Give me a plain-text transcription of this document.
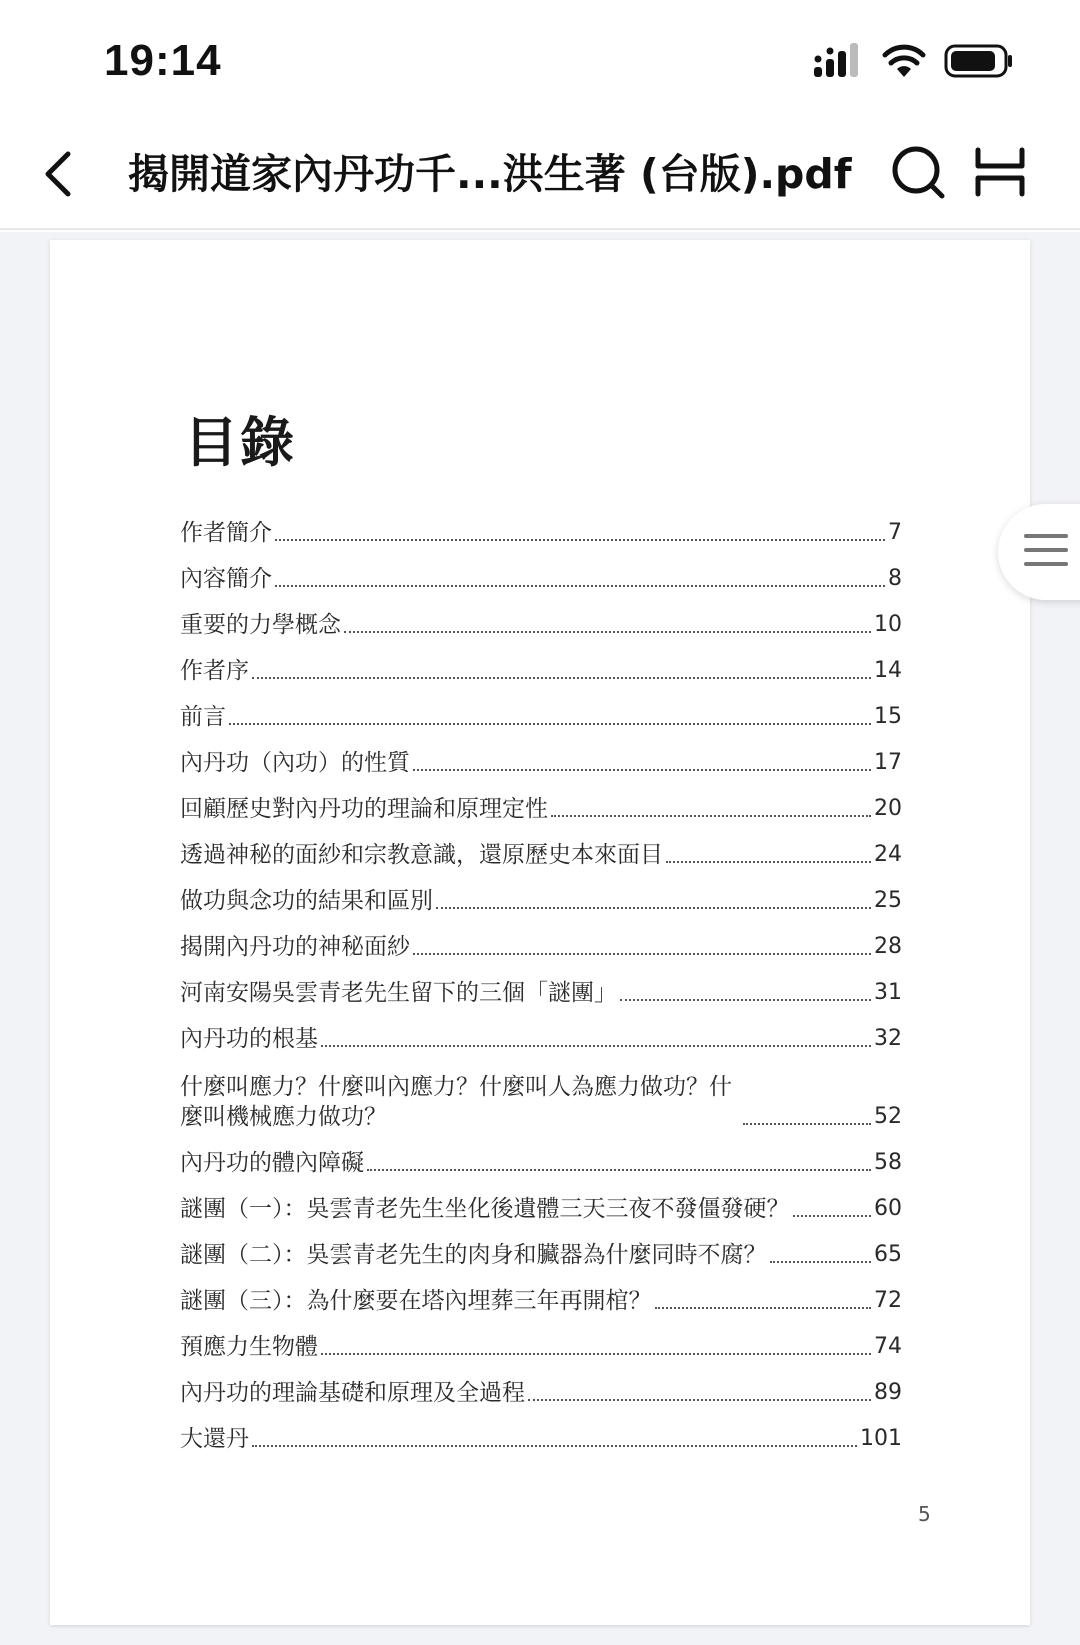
19:14
揭開道家內丹功千...洪生著 (台版).pdf
目錄
作者簡介	7
內容簡介	8
重要的力學概念	10
作者序	14
前言	15
內丹功（內功）的性質	17
回顧歷史對內丹功的理論和原理定性	20
透過神秘的面紗和宗教意識，還原歷史本來面目	24
做功與念功的結果和區別	25
揭開內丹功的神秘面紗	28
河南安陽吳雲青老先生留下的三個「謎團」	31
內丹功的根基	32
什麼叫應力？什麼叫內應力？什麼叫人為應力做功？什麼叫機械應力做功？	52
內丹功的體內障礙	58
謎團（一）：吳雲青老先生坐化後遺體三天三夜不發僵發硬？	60
謎團（二）：吳雲青老先生的肉身和臟器為什麼同時不腐？	65
謎團（三）：為什麼要在塔內埋葬三年再開棺？	72
預應力生物體	74
內丹功的理論基礎和原理及全過程	89
大還丹	101
5
